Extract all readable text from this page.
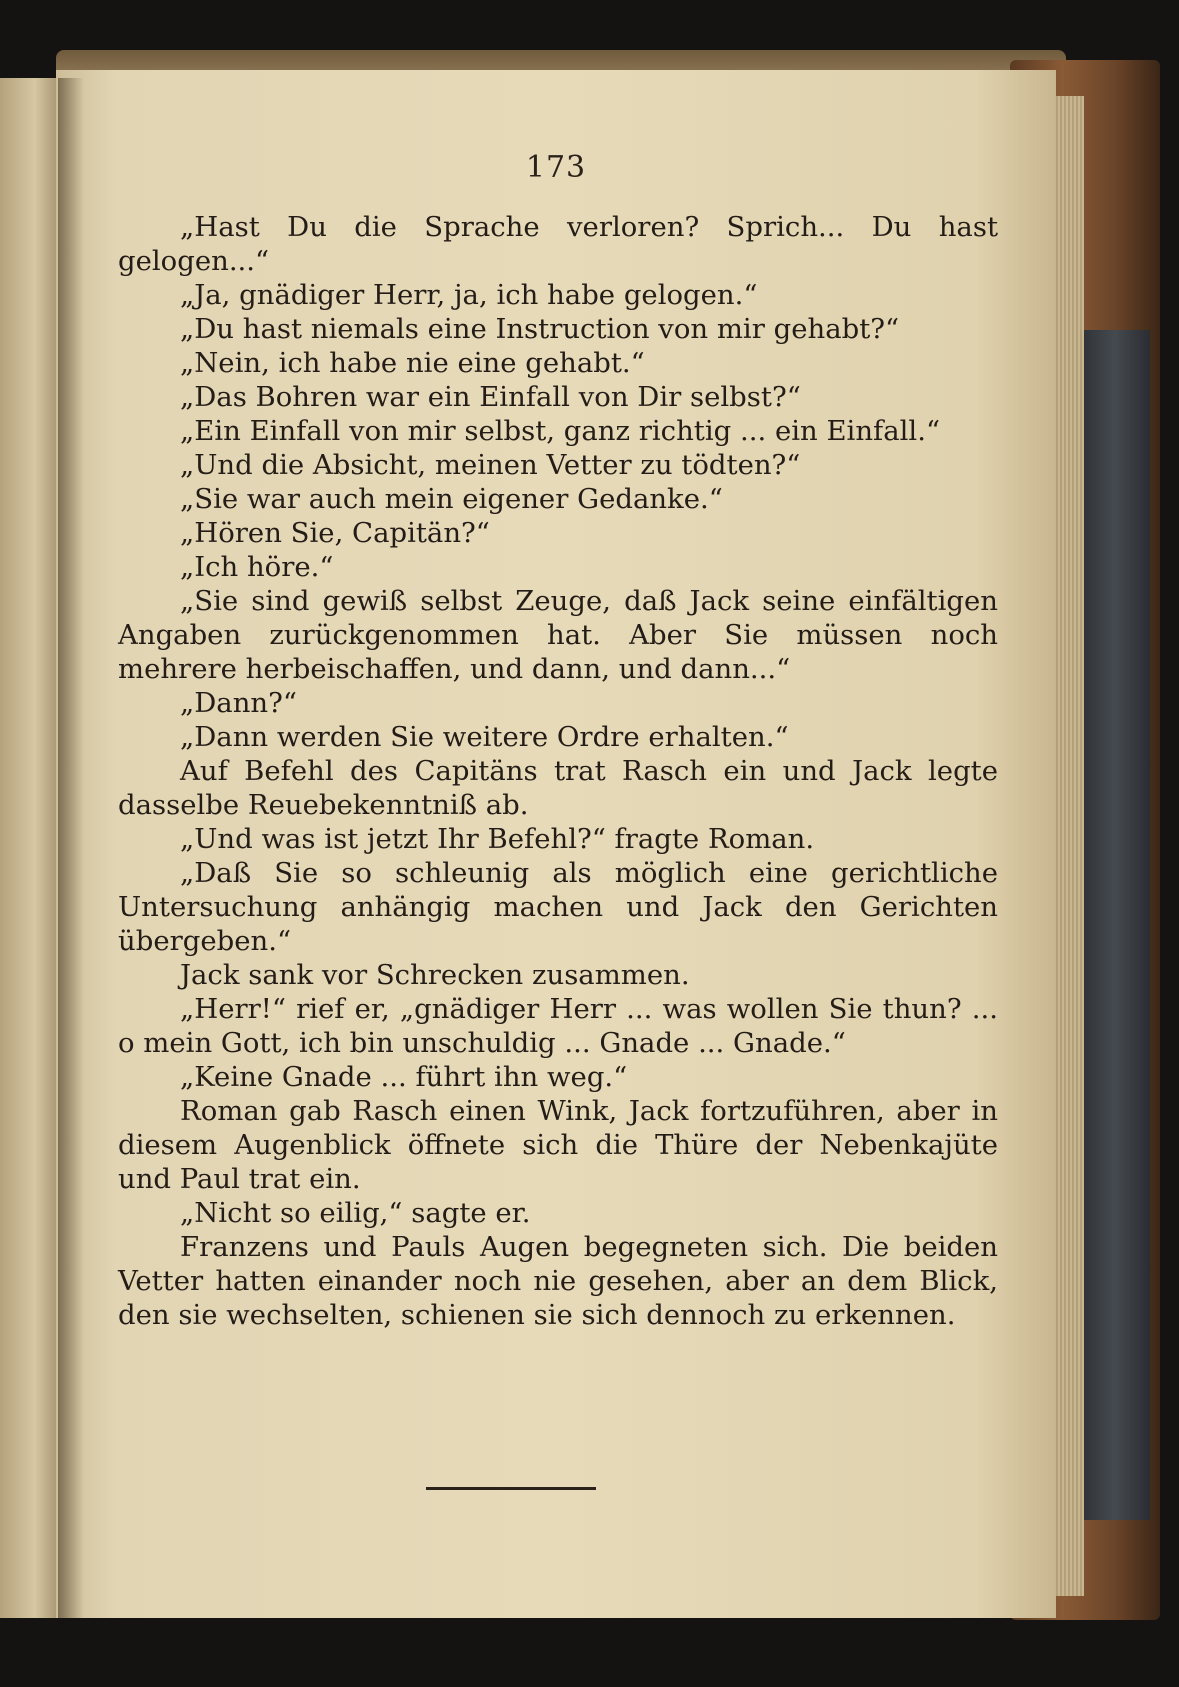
173

„Hast Du die Sprache verloren? Sprich... Du hast gelogen...“

„Ja, gnädiger Herr, ja, ich habe gelogen.“

„Du hast niemals eine Instruction von mir gehabt?“

„Nein, ich habe nie eine gehabt.“

„Das Bohren war ein Einfall von Dir selbst?“

„Ein Einfall von mir selbst, ganz richtig ... ein Einfall.“

„Und die Absicht, meinen Vetter zu tödten?“

„Sie war auch mein eigener Gedanke.“

„Hören Sie, Capitän?“

„Ich höre.“

„Sie sind gewiß selbst Zeuge, daß Jack seine einfältigen Angaben zurückgenommen hat. Aber Sie müssen noch mehrere herbeischaffen, und dann, und dann...“

„Dann?“

„Dann werden Sie weitere Ordre erhalten.“

Auf Befehl des Capitäns trat Rasch ein und Jack legte dasselbe Reuebekenntniß ab.

„Und was ist jetzt Ihr Befehl?“ fragte Roman.

„Daß Sie so schleunig als möglich eine gerichtliche Untersuchung anhängig machen und Jack den Gerichten übergeben.“

Jack sank vor Schrecken zusammen.

„Herr!“ rief er, „gnädiger Herr ... was wollen Sie thun? ... o mein Gott, ich bin unschuldig ... Gnade ... Gnade.“

„Keine Gnade ... führt ihn weg.“

Roman gab Rasch einen Wink, Jack fortzuführen, aber in diesem Augenblick öffnete sich die Thüre der Nebenkajüte und Paul trat ein.

„Nicht so eilig,“ sagte er.

Franzens und Pauls Augen begegneten sich. Die beiden Vetter hatten einander noch nie gesehen, aber an dem Blick, den sie wechselten, schienen sie sich dennoch zu erkennen.
